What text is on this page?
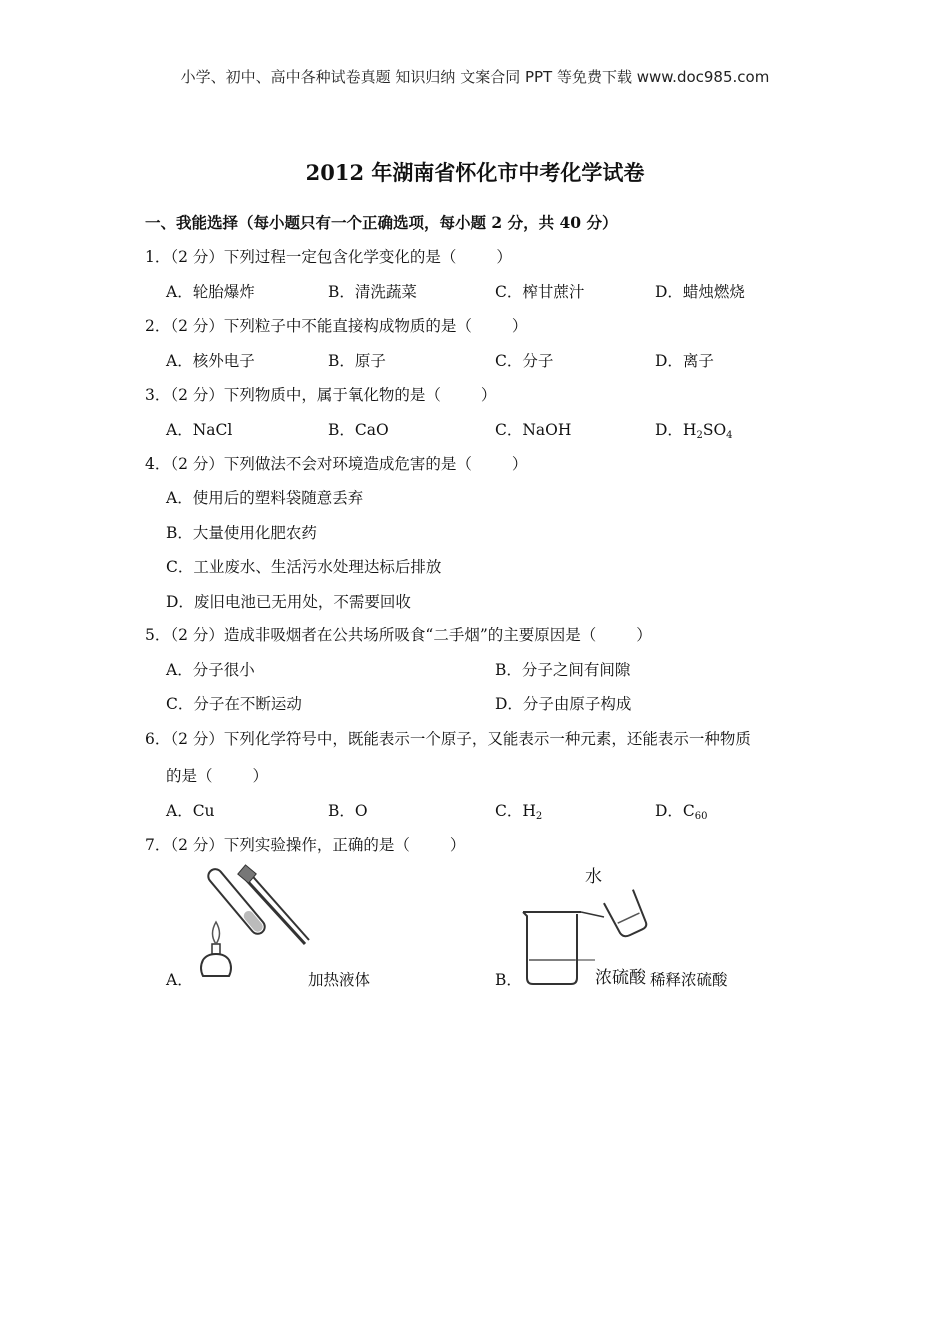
小学、初中、高中各种试卷真题 知识归纳 文案合同 PPT 等免费下载 www.doc985.com
2012 年湖南省怀化市中考化学试卷
一、我能选择（每小题只有一个正确选项，每小题 2 分，共 40 分）
1．（2 分）下列过程一定包含化学变化的是（	）
A．轮胎爆炸	B．清洗蔬菜	C．榨甘蔗汁	D．蜡烛燃烧
2．（2 分）下列粒子中不能直接构成物质的是（	）
A．核外电子	B．原子	C．分子	D．离子
3．（2 分）下列物质中，属于氧化物的是（	）
A．NaCl	B．CaO	C．NaOH	D．$H_2SO_4$
4．（2 分）下列做法不会对环境造成危害的是（	）
A．使用后的塑料袋随意丢弃
B．大量使用化肥农药
C．工业废水、生活污水处理达标后排放
D．废旧电池已无用处，不需要回收
5．（2 分）造成非吸烟者在公共场所吸食“二手烟”的主要原因是（	）
A．分子很小	B．分子之间有间隙
C．分子在不断运动	D．分子由原子构成
6．（2 分）下列化学符号中，既能表示一个原子，又能表示一种元素，还能表示一种物质
的是（	）
A．Cu	B．O	C．$H_2$	D．$C_{60}$
7．（2 分）下列实验操作，正确的是（	）
A．	加热液体
水
浓硫酸
B．	稀释浓硫酸
